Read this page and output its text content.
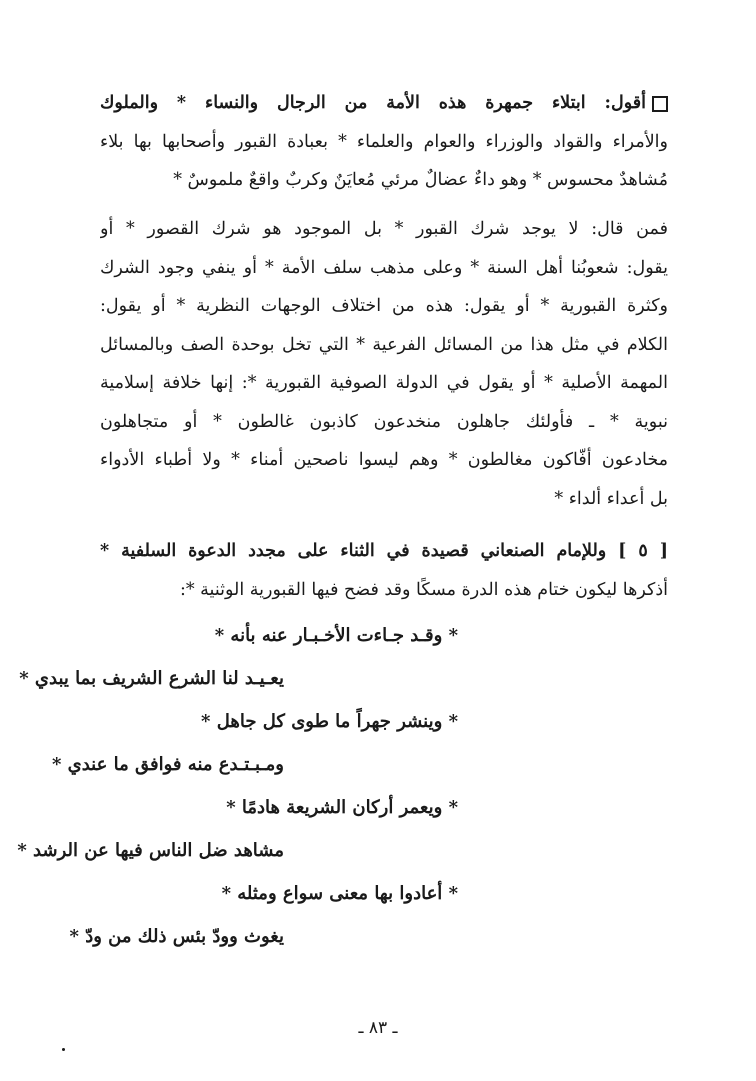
أقول: ابتلاء جمهرة هذه الأمة من الرجال والنساء * والملوك
والأمراء والقواد والوزراء والعوام والعلماء * بعبادة القبور وأصحابها بها بلاء
مُشاهدٌ محسوس * وهو داءٌ عضالٌ مرئي مُعايَنٌ وكربٌ واقعٌ ملموسٌ *
فمن قال: لا يوجد شرك القبور * بل الموجود هو شرك القصور * أو
يقول: شعوبُنا أهل السنة * وعلى مذهب سلف الأمة * أو ينفي وجود الشرك
وكثرة القبورية * أو يقول: هذه من اختلاف الوجهات النظرية * أو يقول:
الكلام في مثل هذا من المسائل الفرعية * التي تخل بوحدة الصف وبالمسائل
المهمة الأصلية * أو يقول في الدولة الصوفية القبورية *: إنها خلافة إسلامية
نبوية * ـ فأولئك جاهلون منخدعون كاذبون غالطون * أو متجاهلون
مخادعون أفّاكون مغالطون * وهم ليسوا ناصحين أمناء * ولا أطباء الأدواء
بل أعداء ألداء *
[ ٥ ] وللإمام الصنعاني قصيدة في الثناء على مجدد الدعوة السلفية *
أذكرها ليكون ختام هذه الدرة مسكًا وقد فضح فيها القبورية الوثنية *:
* وقـد جـاءت الأخـبـار عنه بأنه *
يعـيـد لنا الشرع الشريف بما يبدي *
* وينشر جهراً ما طوى كل جاهل *
ومـبـتـدع منه فوافق ما عندي *
* ويعمر أركان الشريعة هادمًا *
مشاهد ضل الناس فيها عن الرشد *
* أعادوا بها معنى سواع ومثله *
يغوث وودّ بئس ذلك من ودّ *
ـ ٨٣ ـ
